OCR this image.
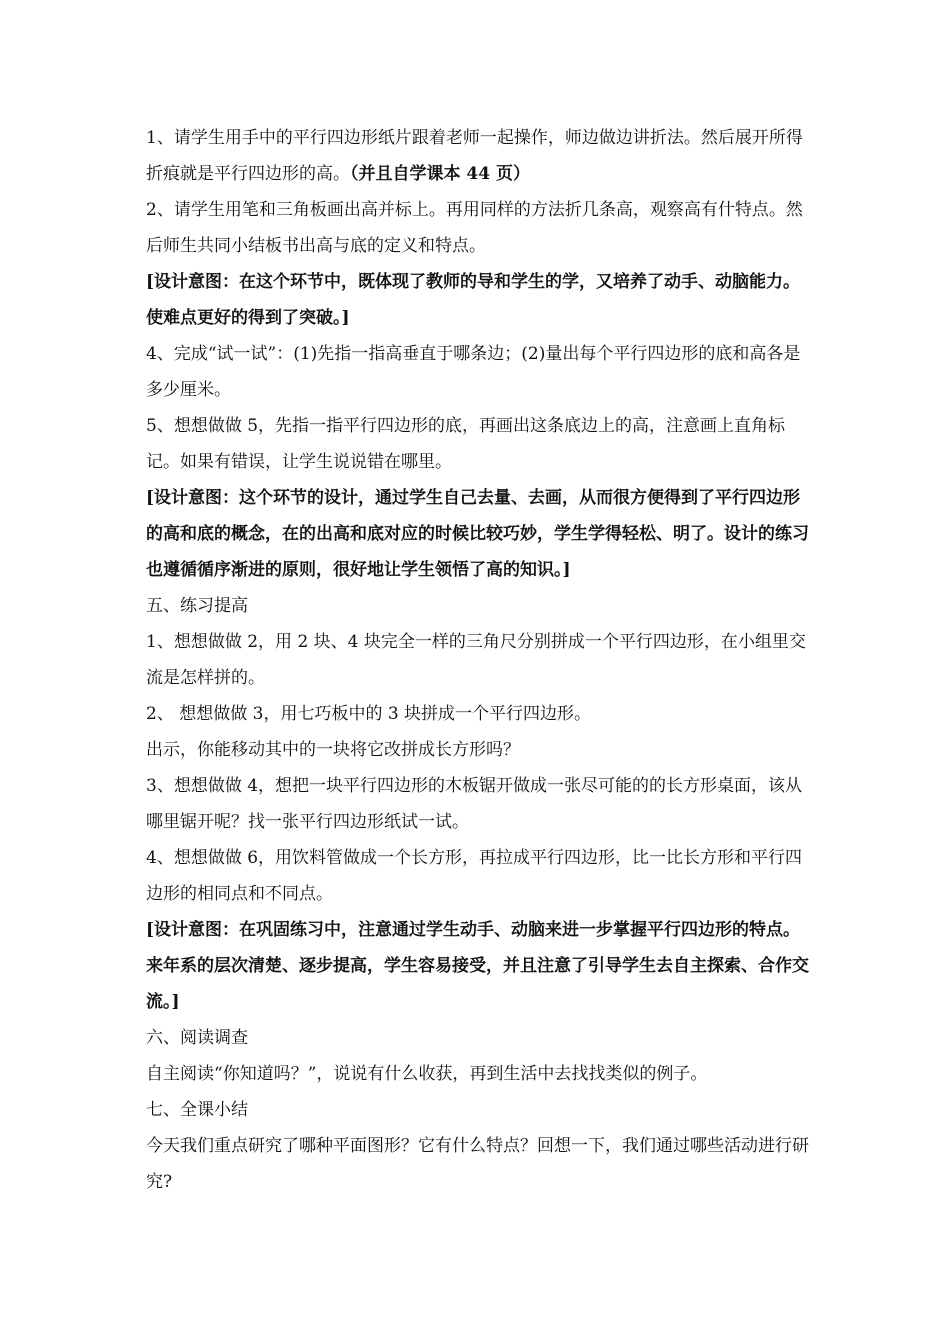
1、请学生用手中的平行四边形纸片跟着老师一起操作，师边做边讲折法。然后展开所得折痕就是平行四边形的高。（并且自学课本 44 页）

2、请学生用笔和三角板画出高并标上。再用同样的方法折几条高，观察高有什特点。然后师生共同小结板书出高与底的定义和特点。

[设计意图：在这个环节中，既体现了教师的导和学生的学，又培养了动手、动脑能力。使难点更好的得到了突破。]

4、完成“试一试”：(1)先指一指高垂直于哪条边；(2)量出每个平行四边形的底和高各是多少厘米。

5、想想做做 5，先指一指平行四边形的底，再画出这条底边上的高，注意画上直角标记。如果有错误，让学生说说错在哪里。

[设计意图：这个环节的设计，通过学生自己去量、去画，从而很方便得到了平行四边形的高和底的概念，在的出高和底对应的时候比较巧妙，学生学得轻松、明了。设计的练习也遵循循序渐进的原则，很好地让学生领悟了高的知识。]

五、练习提高

1、想想做做 2，用 2 块、4 块完全一样的三角尺分别拼成一个平行四边形，在小组里交流是怎样拼的。

2、 想想做做 3，用七巧板中的 3 块拼成一个平行四边形。

出示，你能移动其中的一块将它改拼成长方形吗？

3、想想做做 4，想把一块平行四边形的木板锯开做成一张尽可能的的长方形桌面，该从哪里锯开呢？找一张平行四边形纸试一试。

4、想想做做 6，用饮料管做成一个长方形，再拉成平行四边形，比一比长方形和平行四边形的相同点和不同点。

[设计意图：在巩固练习中，注意通过学生动手、动脑来进一步掌握平行四边形的特点。来年系的层次清楚、逐步提高，学生容易接受，并且注意了引导学生去自主探索、合作交流。]

六、阅读调查

自主阅读“你知道吗？”，说说有什么收获，再到生活中去找找类似的例子。

七、全课小结

今天我们重点研究了哪种平面图形？它有什么特点？回想一下，我们通过哪些活动进行研究?
